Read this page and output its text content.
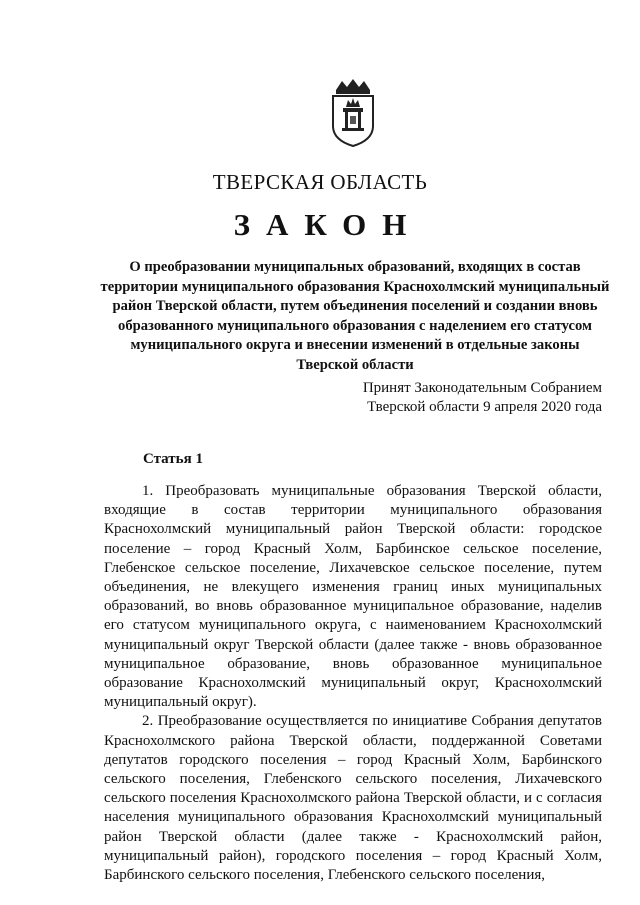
ТВЕРСКАЯ ОБЛАСТЬ
ЗАКОН

О преобразовании муниципальных образований, входящих в состав территории муниципального образования Краснохолмский муниципальный район Тверской области, путем объединения поселений и создании вновь образованного муниципального образования с наделением его статусом муниципального округа и внесении изменений в отдельные законы Тверской области

Принят Законодательным Собранием
Тверской области 9 апреля 2020 года
Статья 1

1. Преобразовать муниципальные образования Тверской области, входящие в состав территории муниципального образования Краснохолмский муниципальный район Тверской области: городское поселение – город Красный Холм, Барбинское сельское поселение, Глебенское сельское поселение, Лихачевское сельское поселение, путем объединения, не влекущего изменения границ иных муниципальных образований, во вновь образованное муниципальное образование, наделив его статусом муниципального округа, с наименованием Краснохолмский муниципальный округ Тверской области (далее также - вновь образованное муниципальное образование, вновь образованное муниципальное образование Краснохолмский муниципальный округ, Краснохолмский муниципальный округ).

2. Преобразование осуществляется по инициативе Собрания депутатов Краснохолмского района Тверской области, поддержанной Советами депутатов городского поселения – город Красный Холм, Барбинского сельского поселения, Глебенского сельского поселения, Лихачевского сельского поселения Краснохолмского района Тверской области, и с согласия населения муниципального образования Краснохолмский муниципальный район Тверской области (далее также - Краснохолмский район, муниципальный район), городского поселения – город Красный Холм, Барбинского сельского поселения, Глебенского сельского поселения,
